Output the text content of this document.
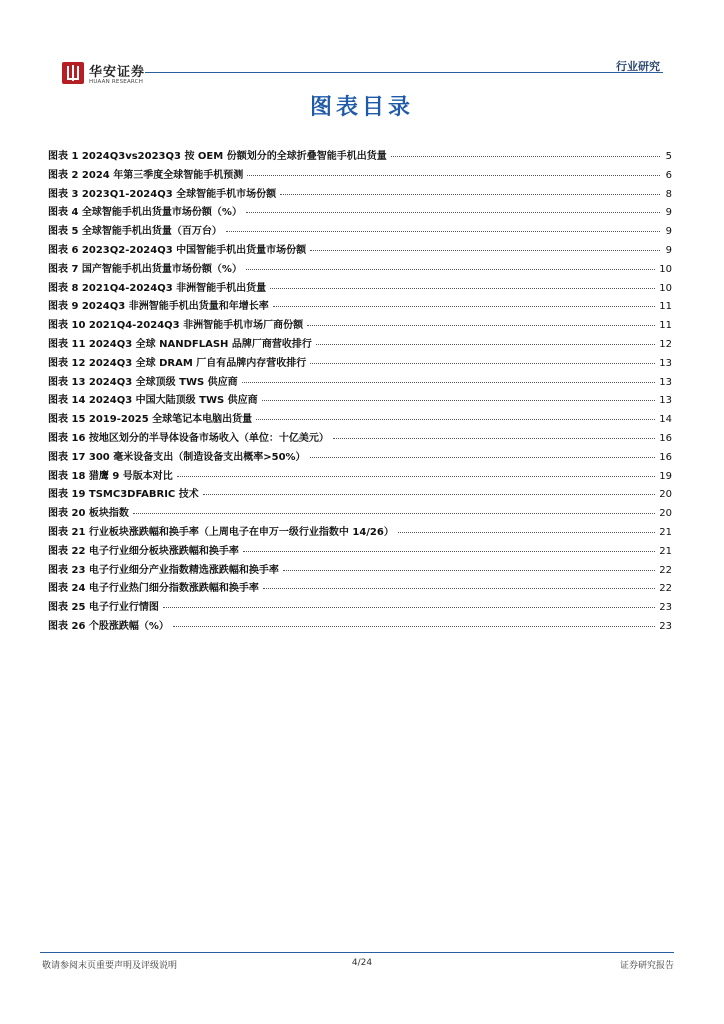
华安证券
HUAAN RESEARCH
行业研究
图表目录
图表 1 2024Q3vs2023Q3 按 OEM 份额划分的全球折叠智能手机出货量	5
图表 2 2024 年第三季度全球智能手机预测	6
图表 3 2023Q1-2024Q3 全球智能手机市场份额	8
图表 4 全球智能手机出货量市场份额（%）	9
图表 5 全球智能手机出货量（百万台）	9
图表 6 2023Q2-2024Q3 中国智能手机出货量市场份额	9
图表 7 国产智能手机出货量市场份额（%）	10
图表 8 2021Q4-2024Q3 非洲智能手机出货量	10
图表 9 2024Q3 非洲智能手机出货量和年增长率	11
图表 10 2021Q4-2024Q3 非洲智能手机市场厂商份额	11
图表 11 2024Q3 全球 NANDFLASH 品牌厂商营收排行	12
图表 12 2024Q3 全球 DRAM 厂自有品牌内存营收排行	13
图表 13 2024Q3 全球顶级 TWS 供应商	13
图表 14 2024Q3 中国大陆顶级 TWS 供应商	13
图表 15 2019-2025 全球笔记本电脑出货量	14
图表 16 按地区划分的半导体设备市场收入（单位：十亿美元）	16
图表 17 300 毫米设备支出（制造设备支出概率>50%）	16
图表 18 猎鹰 9 号版本对比	19
图表 19 TSMC3DFABRIC 技术	20
图表 20 板块指数	20
图表 21 行业板块涨跌幅和换手率（上周电子在申万一级行业指数中 14/26）	21
图表 22 电子行业细分板块涨跌幅和换手率	21
图表 23 电子行业细分产业指数精选涨跌幅和换手率	22
图表 24 电子行业热门细分指数涨跌幅和换手率	22
图表 25 电子行业行情图	23
图表 26 个股涨跌幅（%）	23
敬请参阅末页重要声明及评级说明	4/24	证券研究报告
